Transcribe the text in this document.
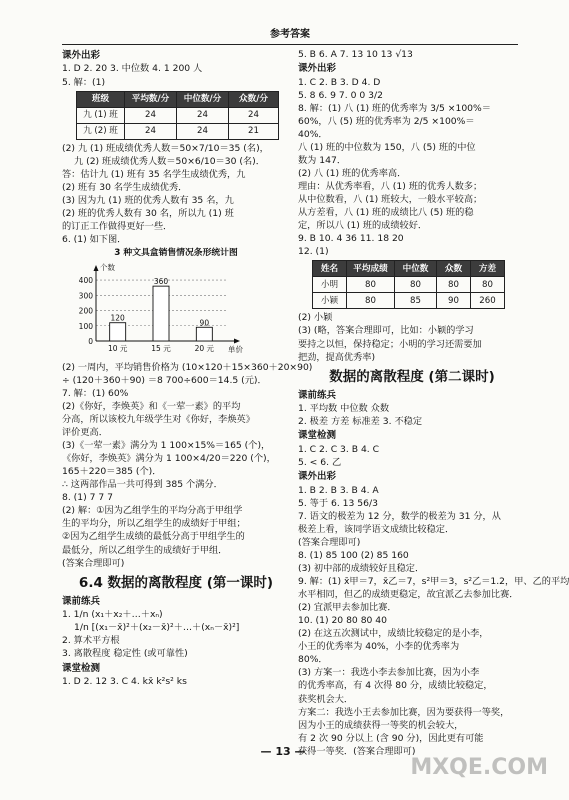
参考答案
课外出彩
1. D 2. 20 3. 中位数 4. 1 200 人
5. 解：(1)
班级	平均数/分	中位数/分	众数/分
九 (1) 班	24	24	24
九 (2) 班	24	24	21
(2) 九 (1) 班成绩优秀人数＝50×7/10＝35 (名)，
九 (2) 班成绩优秀人数＝50×6/10＝30 (名)．
答：估计九 (1) 班有 35 名学生成绩优秀，九
(2) 班有 30 名学生成绩优秀．
(3) 因为九 (1) 班的优秀人数有 35 名，九
(2) 班的优秀人数有 30 名，所以九 (1) 班
的订正工作做得更好一些．
6. (1) 如下图．
3 种文具盒销售情况条形统计图
0
100
200
300
400
个数
单价
120
10 元
360
15 元
90
20 元
(2) 一周内，平均销售价格为 (10×120＋15×360＋20×90)
÷ (120＋360＋90) ＝8 700÷600＝14.5 (元)．
7. 解：(1) 60%
(2)《你好，李焕英》和《一荤一素》的平均
分高，所以该校九年级学生对《你好，李焕英》
评价更高．
(3)《一荤一素》满分为 1 100×15%＝165 (个)，
《你好，李焕英》满分为 1 100×4/20＝220 (个)，
165＋220＝385 (个)．
∴ 这两部作品一共可得到 385 个满分．
8. (1) 7 7 7
(2) 解：①因为乙组学生的平均分高于甲组学
生的平均分，所以乙组学生的成绩好于甲组；
②因为乙组学生成绩的最低分高于甲组学生的
最低分，所以乙组学生的成绩好于甲组．
(答案合理即可)
6.4 数据的离散程度 (第一课时)
课前练兵
1. 1/n (x₁＋x₂＋…＋xₙ)
1/n [(x₁－x̄)²＋(x₂－x̄)²＋…＋(xₙ－x̄)²]
2. 算术平方根
3. 离散程度 稳定性 (或可靠性)
课堂检测
1. D 2. 12 3. C 4. kx̄ k²s² ks
5. B 6. A 7. 13 10 13 √13
课外出彩
1. C 2. B 3. D 4. D
5. 8 6. 9 7. 0 0 3/2
8. 解：(1) 八 (1) 班的优秀率为 3/5 ×100%＝
60%，八 (5) 班的优秀率为 2/5 ×100%＝
40%．
八 (1) 班的中位数为 150，八 (5) 班的中位
数为 147．
(2) 八 (1) 班的优秀率高．
理由：从优秀率看，八 (1) 班的优秀人数多；
从中位数看，八 (1) 班较大，一般水平较高；
从方差看，八 (1) 班的成绩比八 (5) 班的稳
定，所以八 (1) 班的成绩较好．
9. B 10. 4 36 11. 18 20
12. (1)
姓名	平均成绩	中位数	众数	方差
小明	80	80	80	80
小颖	80	85	90	260
(2) 小颖
(3) (略，答案合理即可，比如：小颖的学习
要持之以恒，保持稳定；小明的学习还需要加
把劲，提高优秀率)
数据的离散程度 (第二课时)
课前练兵
1. 平均数 中位数 众数
2. 极差 方差 标准差 3. 不稳定
课堂检测
1. C 2. C 3. B 4. C
5. < 6. 乙
课外出彩
1. B 2. B 3. B 4. A
5. 等于 6. 13 56/3
7. 语文的极差为 12 分，数学的极差为 31 分，从
极差上看，该同学语文成绩比较稳定．
(答案合理即可)
8. (1) 85 100 (2) 85 160
(3) 初中部的成绩较好且稳定．
9. 解：(1) x̄甲＝7，x̄乙＝7，s²甲＝3，s²乙＝1.2，甲、乙的平均
水平相同，但乙的成绩更稳定，故宜派乙去参加比赛．
(2) 宜派甲去参加比赛．
10. (1) 20 80 80 40
(2) 在这五次测试中，成绩比较稳定的是小李，
小王的优秀率为 40%，小李的优秀率为
80%．
(3) 方案一：我选小李去参加比赛，因为小李
的优秀率高，有 4 次得 80 分，成绩比较稳定，
获奖机会大．
方案二：我选小王去参加比赛，因为要获得一等奖，
因为小王的成绩获得一等奖的机会较大，
有 2 次 90 分以上 (含 90 分)，因此更有可能
获得一等奖．(答案合理即可)
— 13 —
MXQE.COM
